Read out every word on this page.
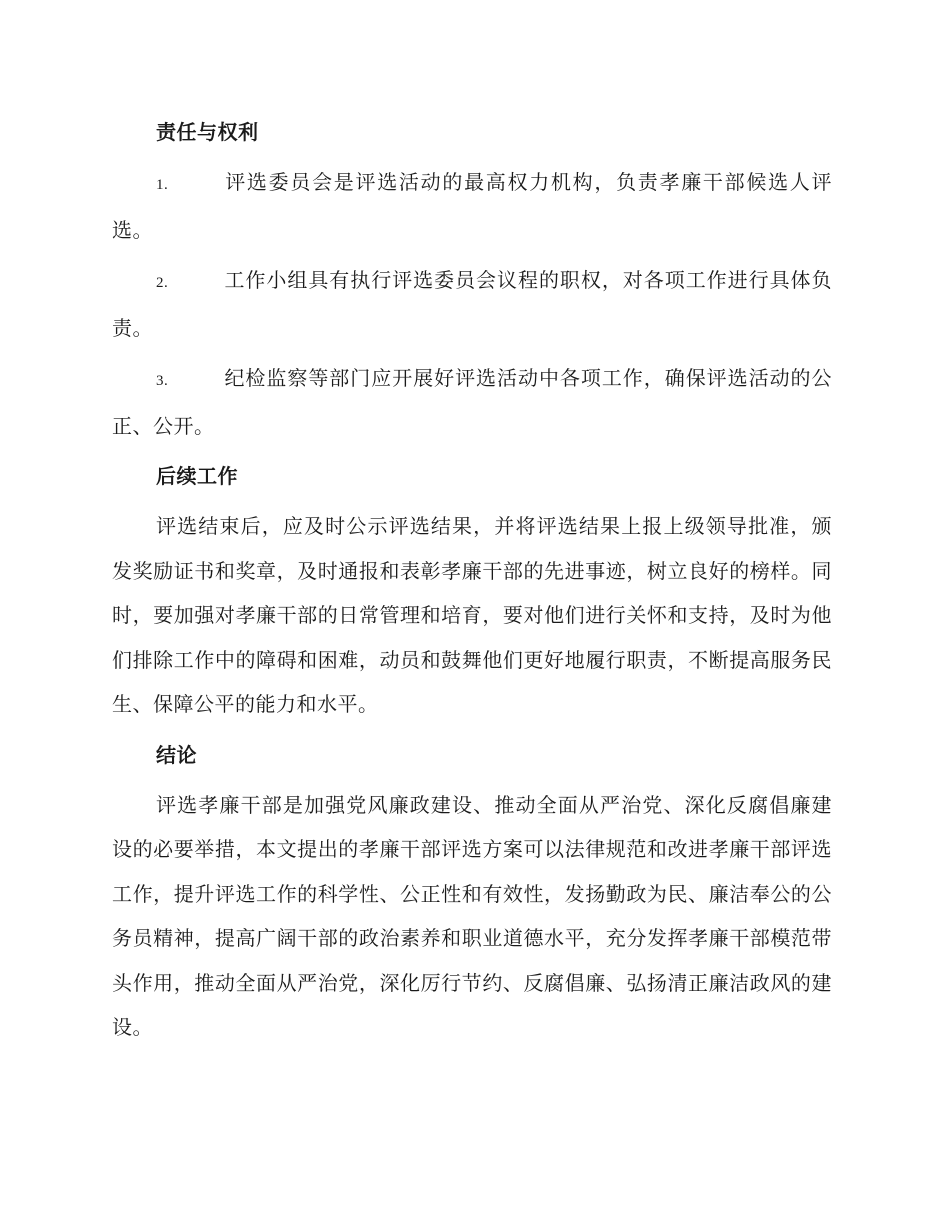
责任与权利
1.	评选委员会是评选活动的最高权力机构，负责孝廉干部候选人评选。
2.	工作小组具有执行评选委员会议程的职权，对各项工作进行具体负责。
3.	纪检监察等部门应开展好评选活动中各项工作，确保评选活动的公正、公开。
后续工作

评选结束后，应及时公示评选结果，并将评选结果上报上级领导批准，颁发奖励证书和奖章，及时通报和表彰孝廉干部的先进事迹，树立良好的榜样。同时，要加强对孝廉干部的日常管理和培育，要对他们进行关怀和支持，及时为他们排除工作中的障碍和困难，动员和鼓舞他们更好地履行职责，不断提高服务民生、保障公平的能力和水平。

结论

评选孝廉干部是加强党风廉政建设、推动全面从严治党、深化反腐倡廉建设的必要举措，本文提出的孝廉干部评选方案可以法律规范和改进孝廉干部评选工作，提升评选工作的科学性、公正性和有效性，发扬勤政为民、廉洁奉公的公务员精神，提高广阔干部的政治素养和职业道德水平，充分发挥孝廉干部模范带头作用，推动全面从严治党，深化厉行节约、反腐倡廉、弘扬清正廉洁政风的建设。
